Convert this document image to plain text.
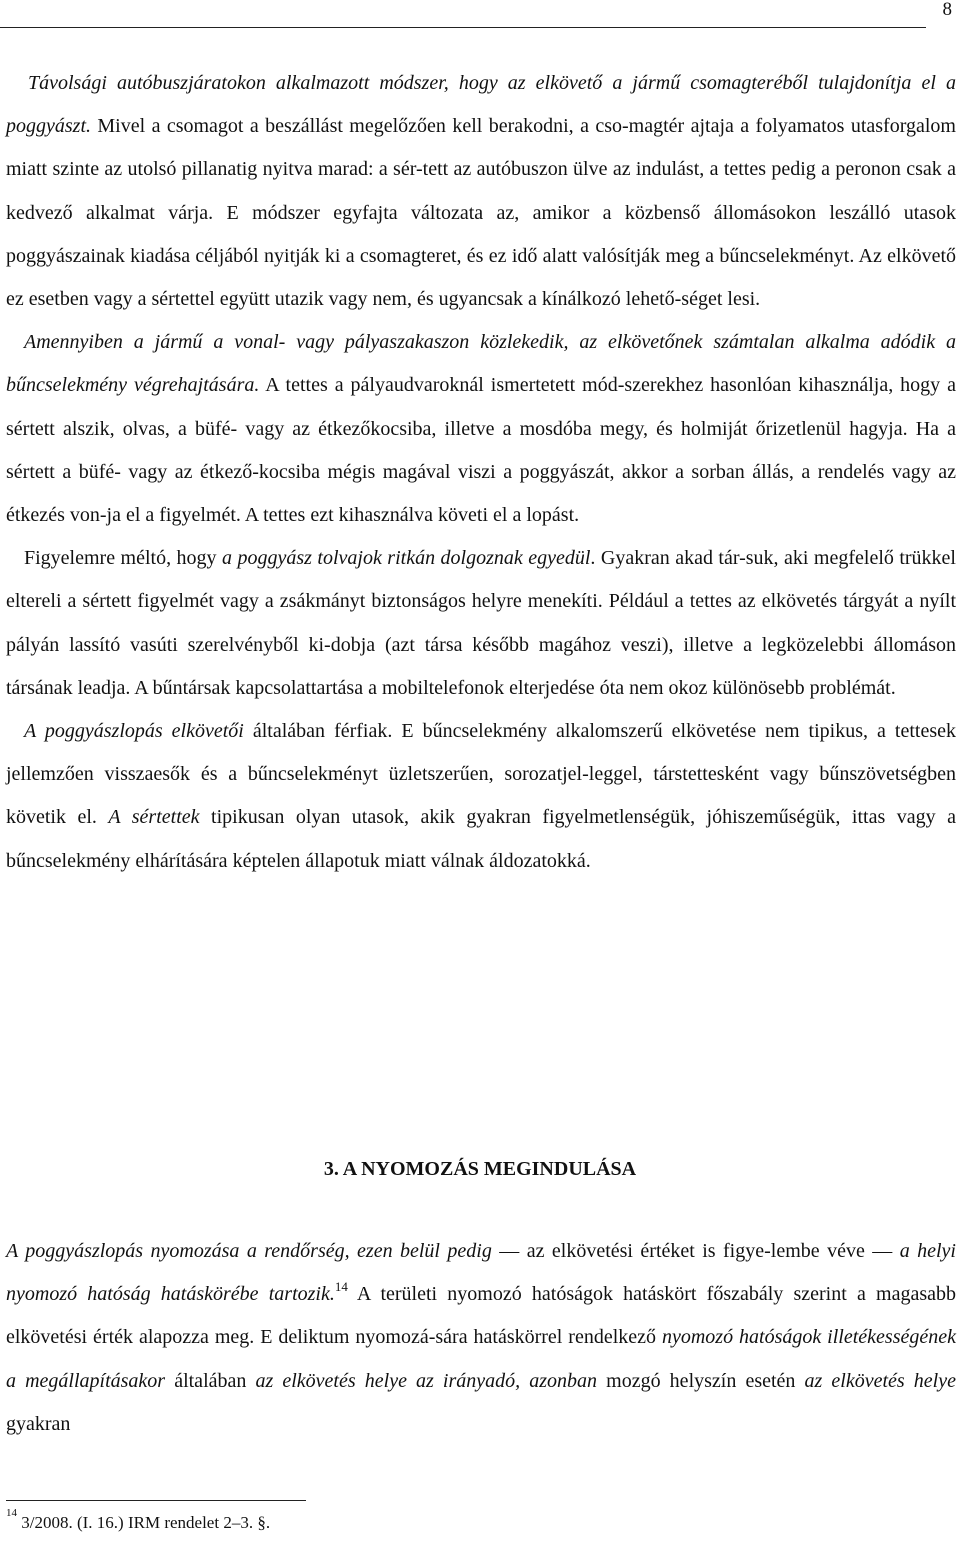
8

Távolsági autóbuszjáratokon alkalmazott módszer, hogy az elkövető a jármű csomagteréből tulajdonítja el a poggyászt. Mivel a csomagot a beszállást megelőzően kell berakodni, a cso-magtér ajtaja a folyamatos utasforgalom miatt szinte az utolsó pillanatig nyitva marad: a sér-tett az autóbuszon ülve az indulást, a tettes pedig a peronon csak a kedvező alkalmat várja. E módszer egyfajta változata az, amikor a közbenső állomásokon leszálló utasok poggyászainak kiadása céljából nyitják ki a csomagteret, és ez idő alatt valósítják meg a bűncselekményt. Az elkövető ez esetben vagy a sértettel együtt utazik vagy nem, és ugyancsak a kínálkozó lehető-séget lesi.

Amennyiben a jármű a vonal- vagy pályaszakaszon közlekedik, az elkövetőnek számtalan alkalma adódik a bűncselekmény végrehajtására. A tettes a pályaudvaroknál ismertetett mód-szerekhez hasonlóan kihasználja, hogy a sértett alszik, olvas, a büfé- vagy az étkezőkocsiba, illetve a mosdóba megy, és holmiját őrizetlenül hagyja. Ha a sértett a büfé- vagy az étkező-kocsiba mégis magával viszi a poggyászát, akkor a sorban állás, a rendelés vagy az étkezés von-ja el a figyelmét. A tettes ezt kihasználva követi el a lopást.

Figyelemre méltó, hogy a poggyász tolvajok ritkán dolgoznak egyedül. Gyakran akad tár-suk, aki megfelelő trükkel eltereli a sértett figyelmét vagy a zsákmányt biztonságos helyre menekíti. Például a tettes az elkövetés tárgyát a nyílt pályán lassító vasúti szerelvényből ki-dobja (azt társa később magához veszi), illetve a legközelebbi állomáson társának leadja. A bűntársak kapcsolattartása a mobiltelefonok elterjedése óta nem okoz különösebb problémát.

A poggyászlopás elkövetői általában férfiak. E bűncselekmény alkalomszerű elkövetése nem tipikus, a tettesek jellemzően visszaesők és a bűncselekményt üzletszerűen, sorozatjel-leggel, társtettesként vagy bűnszövetségben követik el. A sértettek tipikusan olyan utasok, akik gyakran figyelmetlenségük, jóhiszeműségük, ittas vagy a bűncselekmény elhárítására képtelen állapotuk miatt válnak áldozatokká.

3. A NYOMOZÁS MEGINDULÁSA

A poggyászlopás nyomozása a rendőrség, ezen belül pedig — az elkövetési értéket is figye-lembe véve — a helyi nyomozó hatóság hatáskörébe tartozik.$^{14}$ A területi nyomozó hatóságok hatáskört főszabály szerint a magasabb elkövetési érték alapozza meg. E deliktum nyomozá-sára hatáskörrel rendelkező nyomozó hatóságok illetékességének a megállapításakor általában az elkövetés helye az irányadó, azonban mozgó helyszín esetén az elkövetés helye gyakran

$^{14}$ 3/2008. (I. 16.) IRM rendelet 2–3. §.
